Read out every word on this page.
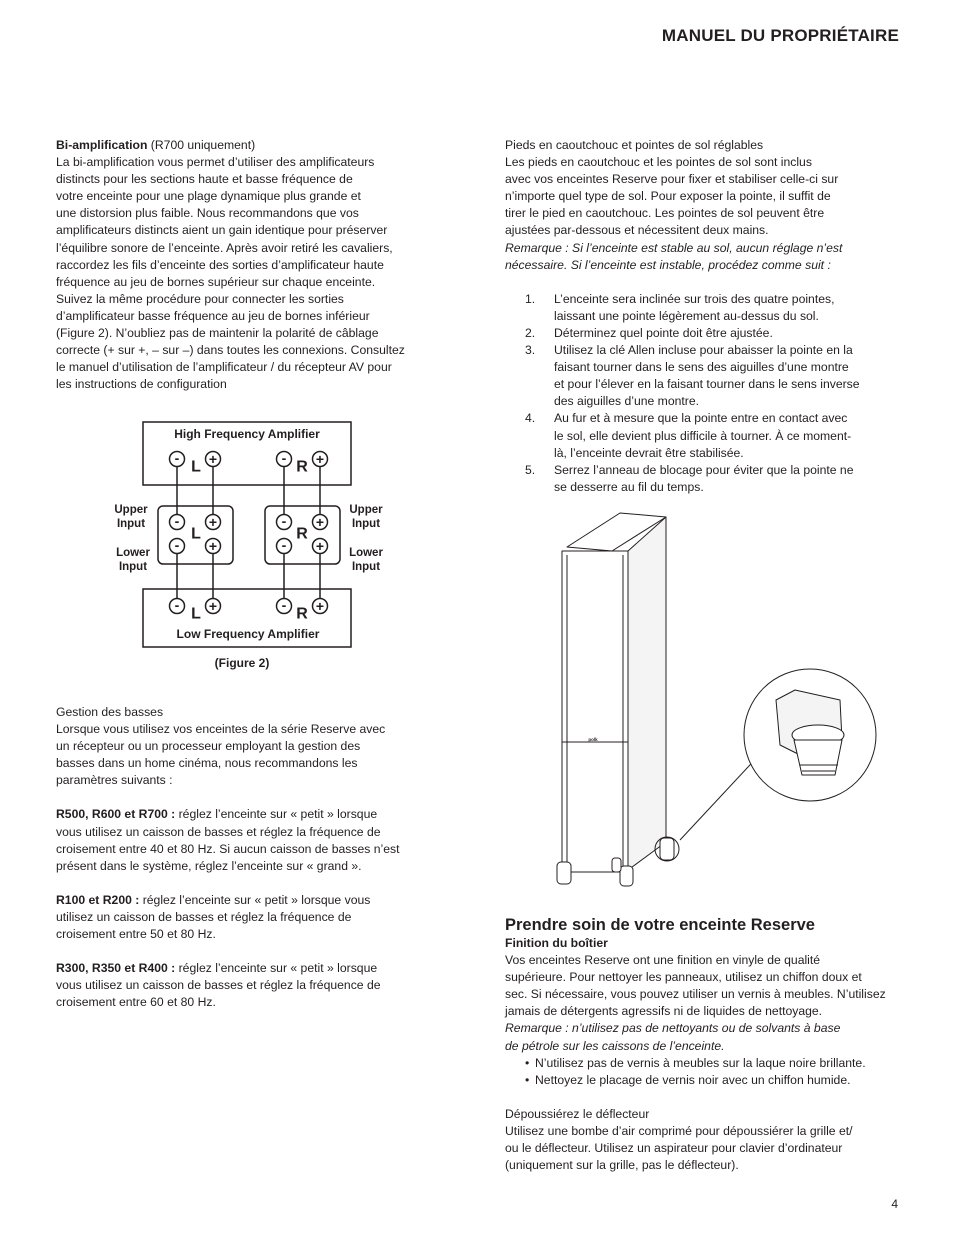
MANUEL DU PROPRIÉTAIRE

Bi-amplification (R700 uniquement)

La bi-amplification vous permet d’utiliser des amplificateurs

distincts pour les sections haute et basse fréquence de

votre enceinte pour une plage dynamique plus grande et

une distorsion plus faible. Nous recommandons que vos

amplificateurs distincts aient un gain identique pour préserver

l’équilibre sonore de l’enceinte. Après avoir retiré les cavaliers,

raccordez les fils d’enceinte des sorties d’amplificateur haute

fréquence au jeu de bornes supérieur sur chaque enceinte.

Suivez la même procédure pour connecter les sorties

d’amplificateur basse fréquence au jeu de bornes inférieur

(Figure 2). N’oubliez pas de maintenir la polarité de câblage

correcte (+ sur +, – sur –) dans toutes les connexions. Consultez

le manuel d’utilisation de l’amplificateur / du récepteur AV pour

les instructions de configuration

- +	- +
- +	- +
- +	- +
- +	- +
L	R
L	R
L	R
High Frequency Amplifier
Low Frequency Amplifier
(Figure 2)
Upper
Input
Lower
Input
Upper
Input
Lower
Input

Gestion des basses

Lorsque vous utilisez vos enceintes de la série Reserve avec

un récepteur ou un processeur employant la gestion des

basses dans un home cinéma, nous recommandons les

paramètres suivants :

R500, R600 et R700 : réglez l’enceinte sur « petit » lorsque

vous utilisez un caisson de basses et réglez la fréquence de

croisement entre 40 et 80 Hz. Si aucun caisson de basses n’est

présent dans le système, réglez l’enceinte sur « grand ».

R100 et R200 : réglez l’enceinte sur « petit » lorsque vous

utilisez un caisson de basses et réglez la fréquence de

croisement entre 50 et 80 Hz.

R300, R350 et R400 : réglez l’enceinte sur « petit » lorsque

vous utilisez un caisson de basses et réglez la fréquence de

croisement entre 60 et 80 Hz.

Pieds en caoutchouc et pointes de sol réglables

Les pieds en caoutchouc et les pointes de sol sont inclus

avec vos enceintes Reserve pour fixer et stabiliser celle-ci sur

n’importe quel type de sol. Pour exposer la pointe, il suffit de

tirer le pied en caoutchouc. Les pointes de sol peuvent être

ajustées par-dessous et nécessitent deux mains.

Remarque : Si l’enceinte est stable au sol, aucun réglage n’est

nécessaire. Si l’enceinte est instable, procédez comme suit :

1. L’enceinte sera inclinée sur trois des quatre pointes,
laissant une pointe légèrement au-dessus du sol.
2. Déterminez quel pointe doit être ajustée.
3. Utilisez la clé Allen incluse pour abaisser la pointe en la
faisant tourner dans le sens des aiguilles d’une montre
et pour l’élever en la faisant tourner dans le sens inverse
des aiguilles d’une montre.
4. Au fur et à mesure que la pointe entre en contact avec
le sol, elle devient plus difficile à tourner. À ce moment-
là, l’enceinte devrait être stabilisée.
5. Serrez l’anneau de blocage pour éviter que la pointe ne
se desserre au fil du temps.
polk
Prendre soin de votre enceinte Reserve

Finition du boîtier

Vos enceintes Reserve ont une finition en vinyle de qualité

supérieure. Pour nettoyer les panneaux, utilisez un chiffon doux et

sec. Si nécessaire, vous pouvez utiliser un vernis à meubles. N’utilisez

jamais de détergents agressifs ni de liquides de nettoyage.

Remarque : n’utilisez pas de nettoyants ou de solvants à base

de pétrole sur les caissons de l’enceinte.

• N’utilisez pas de vernis à meubles sur la laque noire brillante.
• Nettoyez le placage de vernis noir avec un chiffon humide.

Dépoussiérez le déflecteur

Utilisez une bombe d’air comprimé pour dépoussiérer la grille et/

ou le déflecteur. Utilisez un aspirateur pour clavier d’ordinateur

(uniquement sur la grille, pas le déflecteur).

4
